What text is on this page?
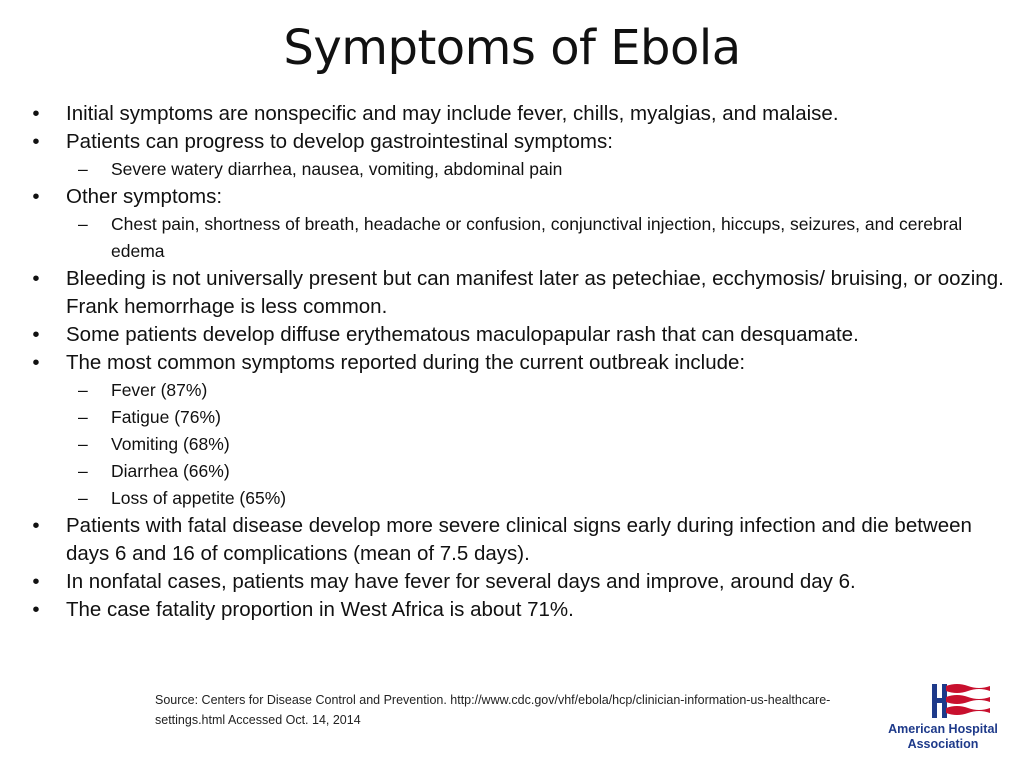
Symptoms of Ebola
•	Initial symptoms are nonspecific and may include fever, chills, myalgias, and malaise.
•	Patients can progress to develop gastrointestinal symptoms:
– Severe watery diarrhea, nausea, vomiting, abdominal pain
•	Other symptoms:
– Chest pain, shortness of breath, headache or confusion, conjunctival injection, hiccups, seizures, and cerebral edema
•	Bleeding is not universally present but can manifest later as petechiae, ecchymosis/ bruising, or oozing. Frank hemorrhage is less common.
•	Some patients develop diffuse erythematous maculopapular rash that can desquamate.
•	The most common symptoms reported during the current outbreak include:
– Fever (87%)
– Fatigue (76%)
– Vomiting (68%)
– Diarrhea (66%)
– Loss of appetite (65%)
•	Patients with fatal disease develop more severe clinical signs early during infection and die between days 6 and 16 of complications (mean of 7.5 days).
•	In nonfatal cases, patients may have fever for several days and improve, around day 6.
•	The case fatality proportion in West Africa is about 71%.
Source: Centers for Disease Control and Prevention. http://www.cdc.gov/vhf/ebola/hcp/clinician-information-us-healthcare-settings.html Accessed Oct. 14, 2014
American Hospital
Association
